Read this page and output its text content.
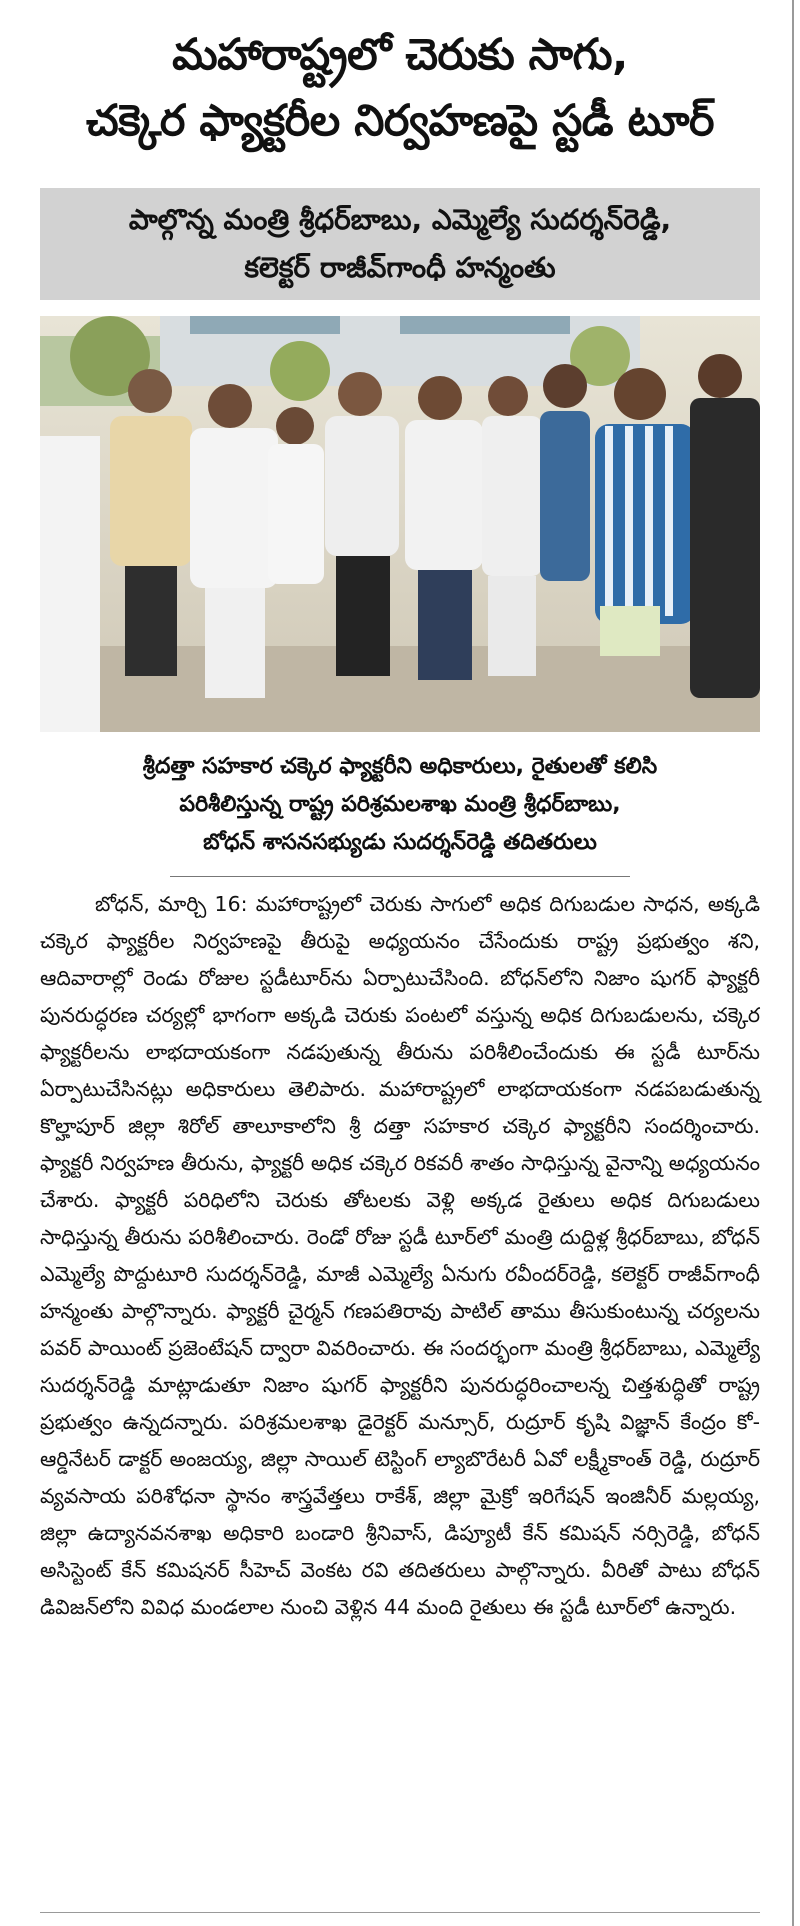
మహారాష్ట్రలో చెరుకు సాగు,
చక్కెర ఫ్యాక్టరీల నిర్వహణపై స్టడీ టూర్
పాల్గొన్న మంత్రి శ్రీధర్‌బాబు, ఎమ్మెల్యే సుదర్శన్‌రెడ్డి,
కలెక్టర్ రాజీవ్‌గాంధీ హన్మంతు
శ్రీదత్తా సహకార చక్కెర ఫ్యాక్టరీని అధికారులు, రైతులతో కలిసి
పరిశీలిస్తున్న రాష్ట్ర పరిశ్రమలశాఖ మంత్రి శ్రీధర్‌బాబు,
బోధన్ శాసనసభ్యుడు సుదర్శన్‌రెడ్డి తదితరులు

బోధన్, మార్చి 16: మహారాష్ట్రలో చెరుకు సాగులో అధిక దిగుబడుల సాధన, అక్కడి చక్కెర ఫ్యాక్టరీల నిర్వహణపై తీరుపై అధ్యయనం చేసేందుకు రాష్ట్ర ప్రభుత్వం శని, ఆదివారాల్లో రెండు రోజుల స్టడీటూర్‌ను ఏర్పాటుచేసింది. బోధన్‌లోని నిజాం షుగర్ ఫ్యాక్టరీ పునరుద్ధరణ చర్యల్లో భాగంగా అక్కడి చెరుకు పంటలో వస్తున్న అధిక దిగుబడులను, చక్కెర ఫ్యాక్టరీలను లాభదాయకంగా నడపుతున్న తీరును పరిశీలించేందుకు ఈ స్టడీ టూర్‌ను ఏర్పాటుచేసినట్లు అధికారులు తెలిపారు. మహారాష్ట్రలో లాభదాయకంగా నడపబడుతున్న కొల్హాపూర్ జిల్లా శిరోల్ తాలూకాలోని శ్రీ దత్తా సహకార చక్కెర ఫ్యాక్టరీని సందర్శించారు. ఫ్యాక్టరీ నిర్వహణ తీరును, ఫ్యాక్టరీ అధిక చక్కెర రికవరీ శాతం సాధిస్తున్న వైనాన్ని అధ్యయనం చేశారు. ఫ్యాక్టరీ పరిధిలోని చెరుకు తోటలకు వెళ్లి అక్కడ రైతులు అధిక దిగుబడులు సాధిస్తున్న తీరును పరిశీలించారు. రెండో రోజు స్టడీ టూర్‌లో మంత్రి దుద్దిళ్ల శ్రీధర్‌బాబు, బోధన్ ఎమ్మెల్యే పొద్దుటూరి సుదర్శన్‌రెడ్డి, మాజీ ఎమ్మెల్యే ఏనుగు రవీందర్‌రెడ్డి, కలెక్టర్ రాజీవ్‌గాంధీ హన్మంతు పాల్గొన్నారు. ఫ్యాక్టరీ చైర్మన్ గణపతిరావు పాటిల్ తాము తీసుకుంటున్న చర్యలను పవర్ పాయింట్ ప్రజెంటేషన్ ద్వారా వివరించారు. ఈ సందర్భంగా మంత్రి శ్రీధర్‌బాబు, ఎమ్మెల్యే సుదర్శన్‌రెడ్డి మాట్లాడుతూ నిజాం షుగర్ ఫ్యాక్టరీని పునరుద్ధరించాలన్న చిత్తశుద్ధితో రాష్ట్ర ప్రభుత్వం ఉన్నదన్నారు. పరిశ్రమలశాఖ డైరెక్టర్ మన్సూర్, రుద్రూర్ కృషి విజ్ఞాన్ కేంద్రం కో-ఆర్డినేటర్ డాక్టర్ అంజయ్య, జిల్లా సాయిల్ టెస్టింగ్ ల్యాబొరేటరీ ఏవో లక్ష్మీకాంత్ రెడ్డి, రుద్రూర్ వ్యవసాయ పరిశోధనా స్థానం శాస్త్రవేత్తలు రాకేశ్, జిల్లా మైక్రో ఇరిగేషన్ ఇంజినీర్ మల్లయ్య, జిల్లా ఉద్యానవనశాఖ అధికారి బండారి శ్రీనివాస్, డిప్యూటీ కేన్ కమిషన్ నర్సిరెడ్డి, బోధన్ అసిస్టెంట్ కేన్ కమిషనర్ సీహెచ్ వెంకట రవి తదితరులు పాల్గొన్నారు. వీరితో పాటు బోధన్ డివిజన్‌లోని వివిధ మండలాల నుంచి వెళ్లిన 44 మంది రైతులు ఈ స్టడీ టూర్‌లో ఉన్నారు.
